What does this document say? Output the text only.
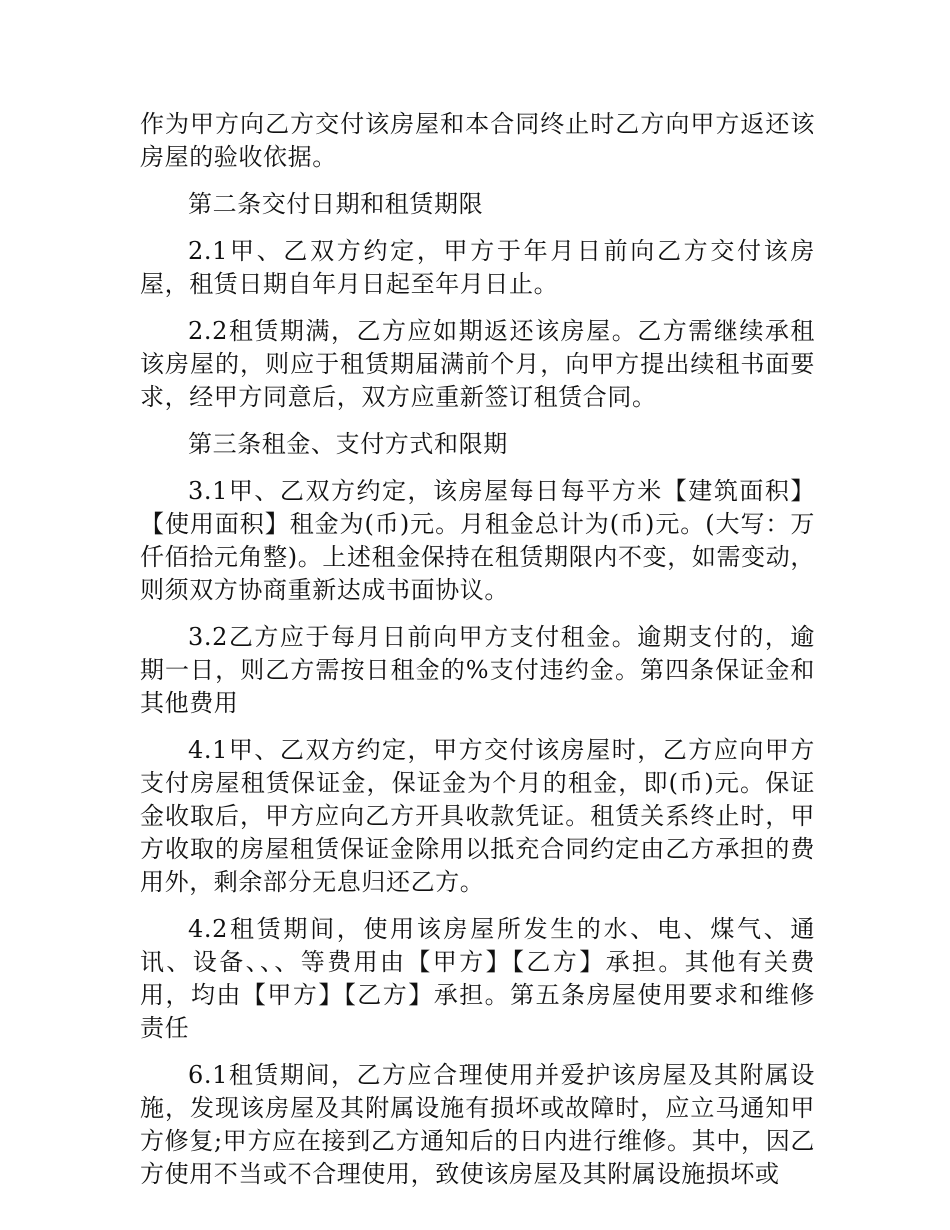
作为甲方向乙方交付该房屋和本合同终止时乙方向甲方返还该房屋的验收依据。

第二条交付日期和租赁期限

2.1甲、乙双方约定，甲方于年月日前向乙方交付该房屋，租赁日期自年月日起至年月日止。

2.2租赁期满，乙方应如期返还该房屋。乙方需继续承租该房屋的，则应于租赁期届满前个月，向甲方提出续租书面要求，经甲方同意后，双方应重新签订租赁合同。

第三条租金、支付方式和限期

3.1甲、乙双方约定，该房屋每日每平方米【建筑面积】【使用面积】租金为(币)元。月租金总计为(币)元。(大写：万仟佰拾元角整)。上述租金保持在租赁期限内不变，如需变动，则须双方协商重新达成书面协议。

3.2乙方应于每月日前向甲方支付租金。逾期支付的，逾期一日，则乙方需按日租金的%支付违约金。第四条保证金和其他费用

4.1甲、乙双方约定，甲方交付该房屋时，乙方应向甲方支付房屋租赁保证金，保证金为个月的租金，即(币)元。保证金收取后，甲方应向乙方开具收款凭证。租赁关系终止时，甲方收取的房屋租赁保证金除用以抵充合同约定由乙方承担的费用外，剩余部分无息归还乙方。

4.2租赁期间，使用该房屋所发生的水、电、煤气、通讯、设备、、、等费用由【甲方】【乙方】承担。其他有关费用，均由【甲方】【乙方】承担。第五条房屋使用要求和维修责任

6.1租赁期间，乙方应合理使用并爱护该房屋及其附属设施，发现该房屋及其附属设施有损坏或故障时，应立马通知甲方修复;甲方应在接到乙方通知后的日内进行维修。其中，因乙方使用不当或不合理使用，致使该房屋及其附属设施损坏或
